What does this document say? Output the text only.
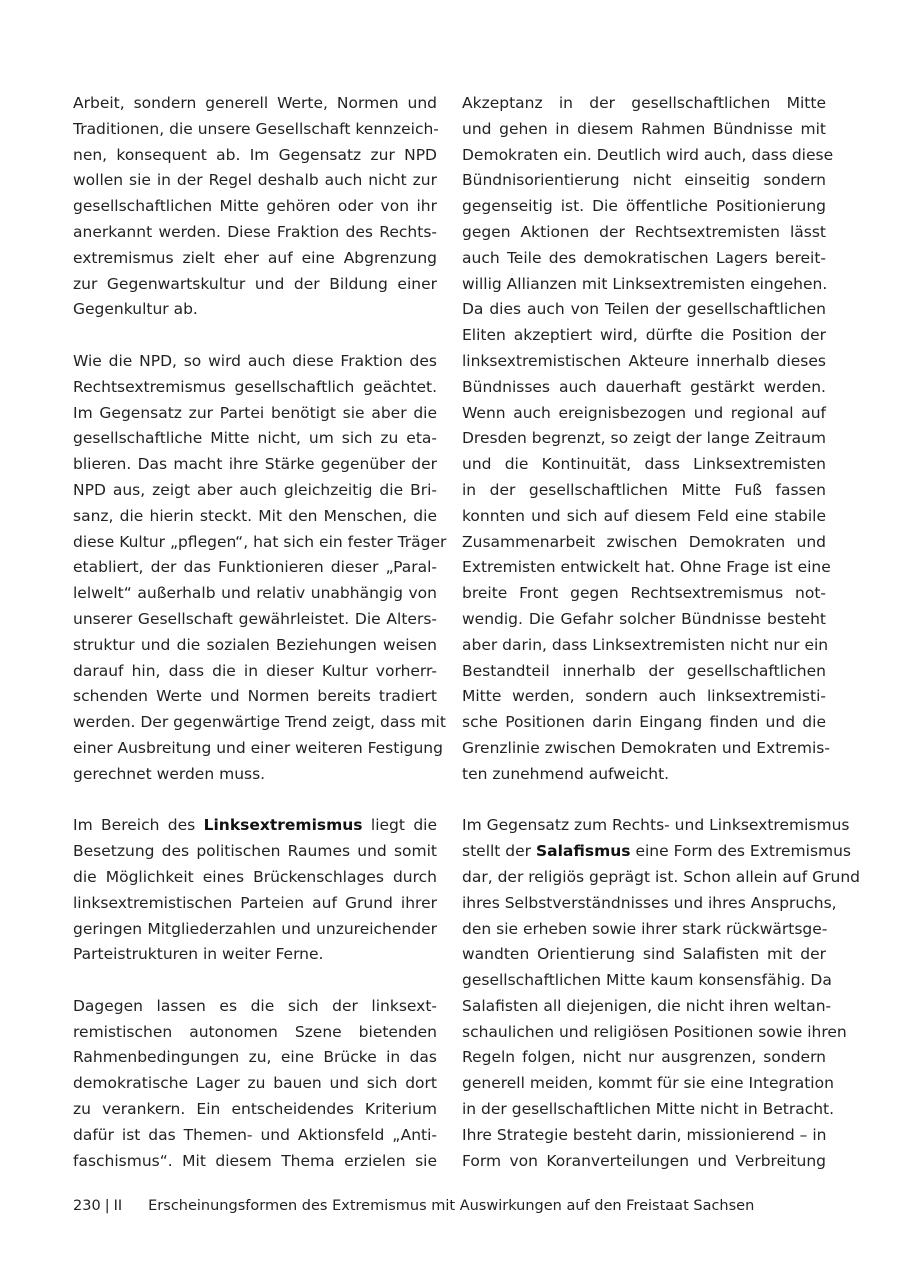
Arbeit, sondern generell Werte, Normen und
Traditionen, die unsere Gesellschaft kennzeich-
nen, konsequent ab. Im Gegensatz zur NPD
wollen sie in der Regel deshalb auch nicht zur
gesellschaftlichen Mitte gehören oder von ihr
anerkannt werden. Diese Fraktion des Rechts-
extremismus zielt eher auf eine Abgrenzung
zur Gegenwartskultur und der Bildung einer
Gegenkultur ab.
Wie die NPD, so wird auch diese Fraktion des
Rechtsextremismus gesellschaftlich geächtet.
Im Gegensatz zur Partei benötigt sie aber die
gesellschaftliche Mitte nicht, um sich zu eta-
blieren. Das macht ihre Stärke gegenüber der
NPD aus, zeigt aber auch gleichzeitig die Bri-
sanz, die hierin steckt. Mit den Menschen, die
diese Kultur „pflegen“, hat sich ein fester Träger
etabliert, der das Funktionieren dieser „Paral-
lelwelt“ außerhalb und relativ unabhängig von
unserer Gesellschaft gewährleistet. Die Alters-
struktur und die sozialen Beziehungen weisen
darauf hin, dass die in dieser Kultur vorherr-
schenden Werte und Normen bereits tradiert
werden. Der gegenwärtige Trend zeigt, dass mit
einer Ausbreitung und einer weiteren Festigung
gerechnet werden muss.
Im Bereich des Linksextremismus liegt die
Besetzung des politischen Raumes und somit
die Möglichkeit eines Brückenschlages durch
linksextremistischen Parteien auf Grund ihrer
geringen Mitgliederzahlen und unzureichender
Parteistrukturen in weiter Ferne.
Dagegen lassen es die sich der linksext-
remistischen autonomen Szene bietenden
Rahmenbedingungen zu, eine Brücke in das
demokratische Lager zu bauen und sich dort
zu verankern. Ein entscheidendes Kriterium
dafür ist das Themen- und Aktionsfeld „Anti-
faschismus“. Mit diesem Thema erzielen sie
Akzeptanz in der gesellschaftlichen Mitte
und gehen in diesem Rahmen Bündnisse mit
Demokraten ein. Deutlich wird auch, dass diese
Bündnisorientierung nicht einseitig sondern
gegenseitig ist. Die öffentliche Positionierung
gegen Aktionen der Rechtsextremisten lässt
auch Teile des demokratischen Lagers bereit-
willig Allianzen mit Linksextremisten eingehen.
Da dies auch von Teilen der gesellschaftlichen
Eliten akzeptiert wird, dürfte die Position der
linksextremistischen Akteure innerhalb dieses
Bündnisses auch dauerhaft gestärkt werden.
Wenn auch ereignisbezogen und regional auf
Dresden begrenzt, so zeigt der lange Zeitraum
und die Kontinuität, dass Linksextremisten
in der gesellschaftlichen Mitte Fuß fassen
konnten und sich auf diesem Feld eine stabile
Zusammenarbeit zwischen Demokraten und
Extremisten entwickelt hat. Ohne Frage ist eine
breite Front gegen Rechtsextremismus not-
wendig. Die Gefahr solcher Bündnisse besteht
aber darin, dass Linksextremisten nicht nur ein
Bestandteil innerhalb der gesellschaftlichen
Mitte werden, sondern auch linksextremisti-
sche Positionen darin Eingang finden und die
Grenzlinie zwischen Demokraten und Extremis-
ten zunehmend aufweicht.
Im Gegensatz zum Rechts- und Linksextremismus
stellt der Salafismus eine Form des Extremismus
dar, der religiös geprägt ist. Schon allein auf Grund
ihres Selbstverständnisses und ihres Anspruchs,
den sie erheben sowie ihrer stark rückwärtsge-
wandten Orientierung sind Salafisten mit der
gesellschaftlichen Mitte kaum konsensfähig. Da
Salafisten all diejenigen, die nicht ihren weltan-
schaulichen und religiösen Positionen sowie ihren
Regeln folgen, nicht nur ausgrenzen, sondern
generell meiden, kommt für sie eine Integration
in der gesellschaftlichen Mitte nicht in Betracht.
Ihre Strategie besteht darin, missionierend – in
Form von Koranverteilungen und Verbreitung
230 | II Erscheinungsformen des Extremismus mit Auswirkungen auf den Freistaat Sachsen
